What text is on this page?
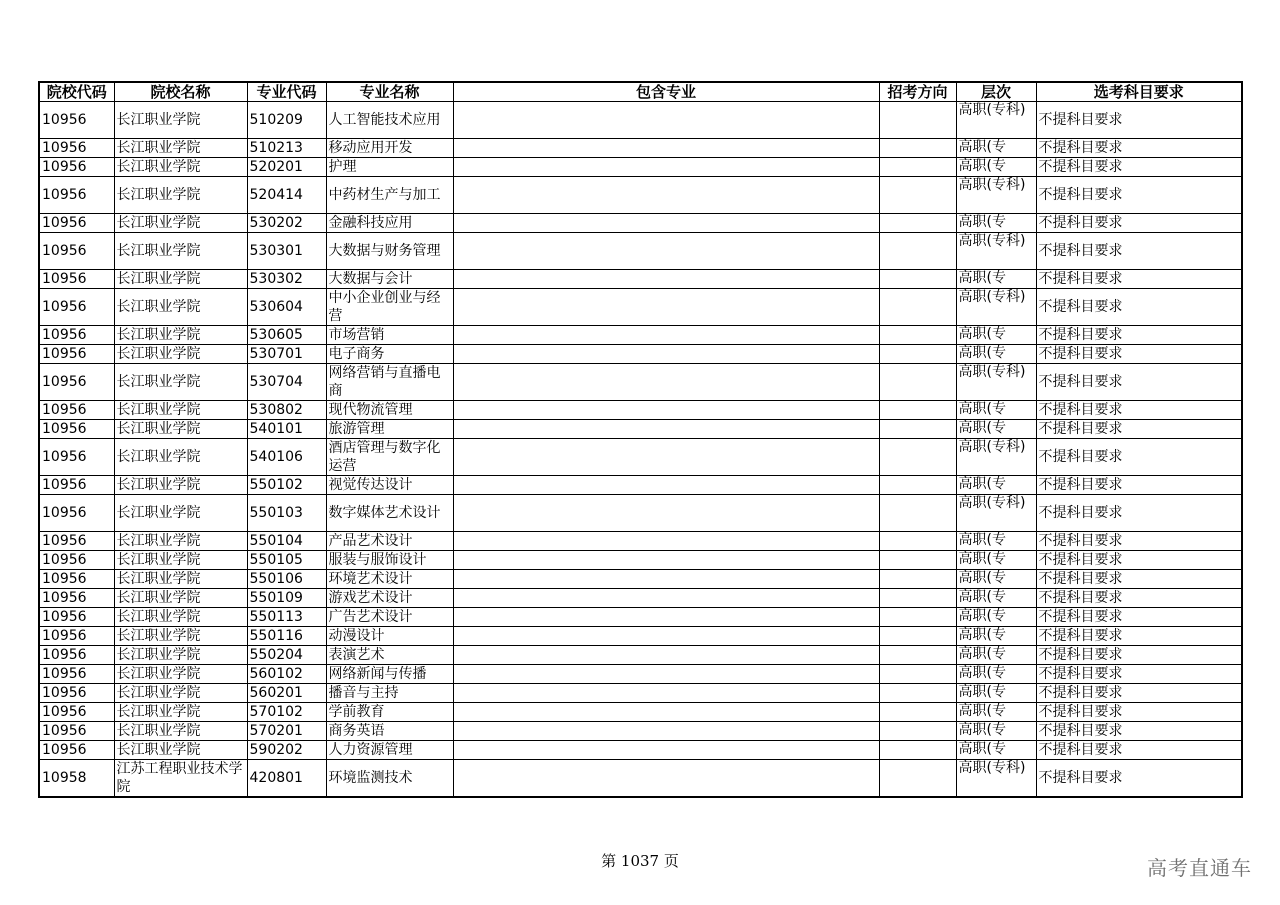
院校代码	院校名称	专业代码	专业名称	包含专业	招考方向	层次	选考科目要求
10956	长江职业学院	510209	人工智能技术应用			高职(专科)	不提科目要求
10956	长江职业学院	510213	移动应用开发			高职(专	不提科目要求
10956	长江职业学院	520201	护理			高职(专	不提科目要求
10956	长江职业学院	520414	中药材生产与加工			高职(专科)	不提科目要求
10956	长江职业学院	530202	金融科技应用			高职(专	不提科目要求
10956	长江职业学院	530301	大数据与财务管理			高职(专科)	不提科目要求
10956	长江职业学院	530302	大数据与会计			高职(专	不提科目要求
10956	长江职业学院	530604	中小企业创业与经营			高职(专科)	不提科目要求
10956	长江职业学院	530605	市场营销			高职(专	不提科目要求
10956	长江职业学院	530701	电子商务			高职(专	不提科目要求
10956	长江职业学院	530704	网络营销与直播电商			高职(专科)	不提科目要求
10956	长江职业学院	530802	现代物流管理			高职(专	不提科目要求
10956	长江职业学院	540101	旅游管理			高职(专	不提科目要求
10956	长江职业学院	540106	酒店管理与数字化运营			高职(专科)	不提科目要求
10956	长江职业学院	550102	视觉传达设计			高职(专	不提科目要求
10956	长江职业学院	550103	数字媒体艺术设计			高职(专科)	不提科目要求
10956	长江职业学院	550104	产品艺术设计			高职(专	不提科目要求
10956	长江职业学院	550105	服装与服饰设计			高职(专	不提科目要求
10956	长江职业学院	550106	环境艺术设计			高职(专	不提科目要求
10956	长江职业学院	550109	游戏艺术设计			高职(专	不提科目要求
10956	长江职业学院	550113	广告艺术设计			高职(专	不提科目要求
10956	长江职业学院	550116	动漫设计			高职(专	不提科目要求
10956	长江职业学院	550204	表演艺术			高职(专	不提科目要求
10956	长江职业学院	560102	网络新闻与传播			高职(专	不提科目要求
10956	长江职业学院	560201	播音与主持			高职(专	不提科目要求
10956	长江职业学院	570102	学前教育			高职(专	不提科目要求
10956	长江职业学院	570201	商务英语			高职(专	不提科目要求
10956	长江职业学院	590202	人力资源管理			高职(专	不提科目要求
10958	江苏工程职业技术学院	420801	环境监测技术			高职(专科)	不提科目要求
第 1037 页	高考直通车
